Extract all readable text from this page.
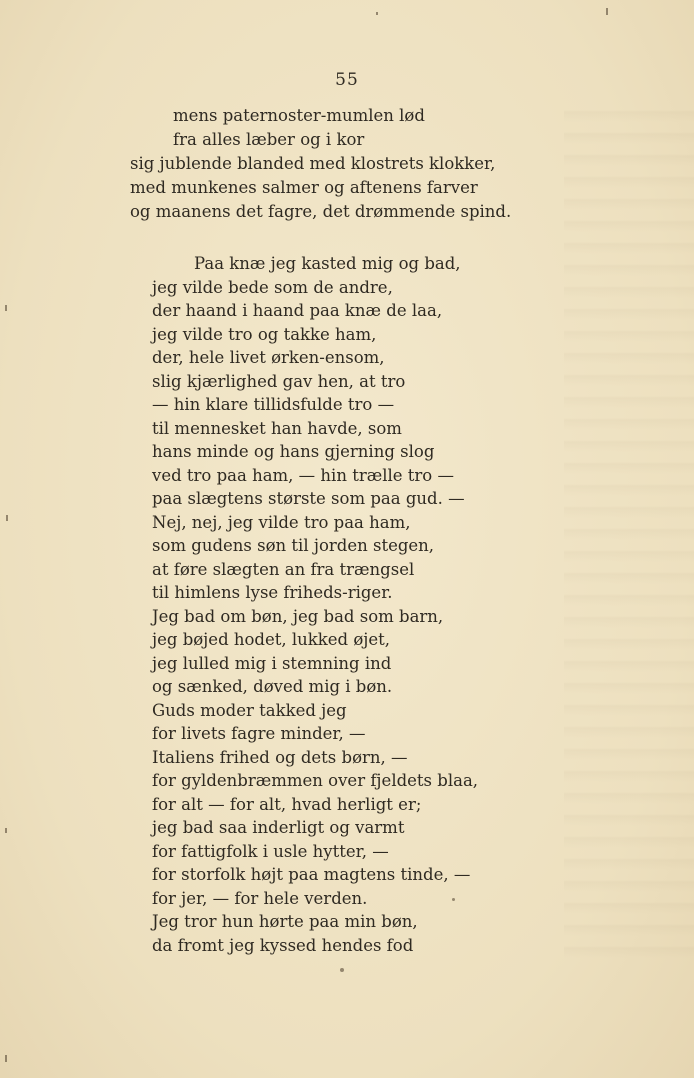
55
mens paternoster-mumlen lød
fra alles læber og i kor
sig jublende blanded med klostrets klokker,
med munkenes salmer og aftenens farver
og maanens det fagre, det drømmende spind.
Paa knæ jeg kasted mig og bad,
jeg vilde bede som de andre,
der haand i haand paa knæ de laa,
jeg vilde tro og takke ham,
der, hele livet ørken-ensom,
slig kjærlighed gav hen, at tro
— hin klare tillidsfulde tro —
til mennesket han havde, som
hans minde og hans gjerning slog
ved tro paa ham, — hin trælle tro —
paa slægtens største som paa gud. —
Nej, nej, jeg vilde tro paa ham,
som gudens søn til jorden stegen,
at føre slægten an fra trængsel
til himlens lyse friheds-riger.
Jeg bad om bøn, jeg bad som barn,
jeg bøjed hodet, lukked øjet,
jeg lulled mig i stemning ind
og sænked, døved mig i bøn.
Guds moder takked jeg
for livets fagre minder, —
Italiens frihed og dets børn, —
for gyldenbræmmen over fjeldets blaa,
for alt — for alt, hvad herligt er;
jeg bad saa inderligt og varmt
for fattigfolk i usle hytter, —
for storfolk højt paa magtens tinde, —
for jer, — for hele verden.
Jeg tror hun hørte paa min bøn,
da fromt jeg kyssed hendes fod
